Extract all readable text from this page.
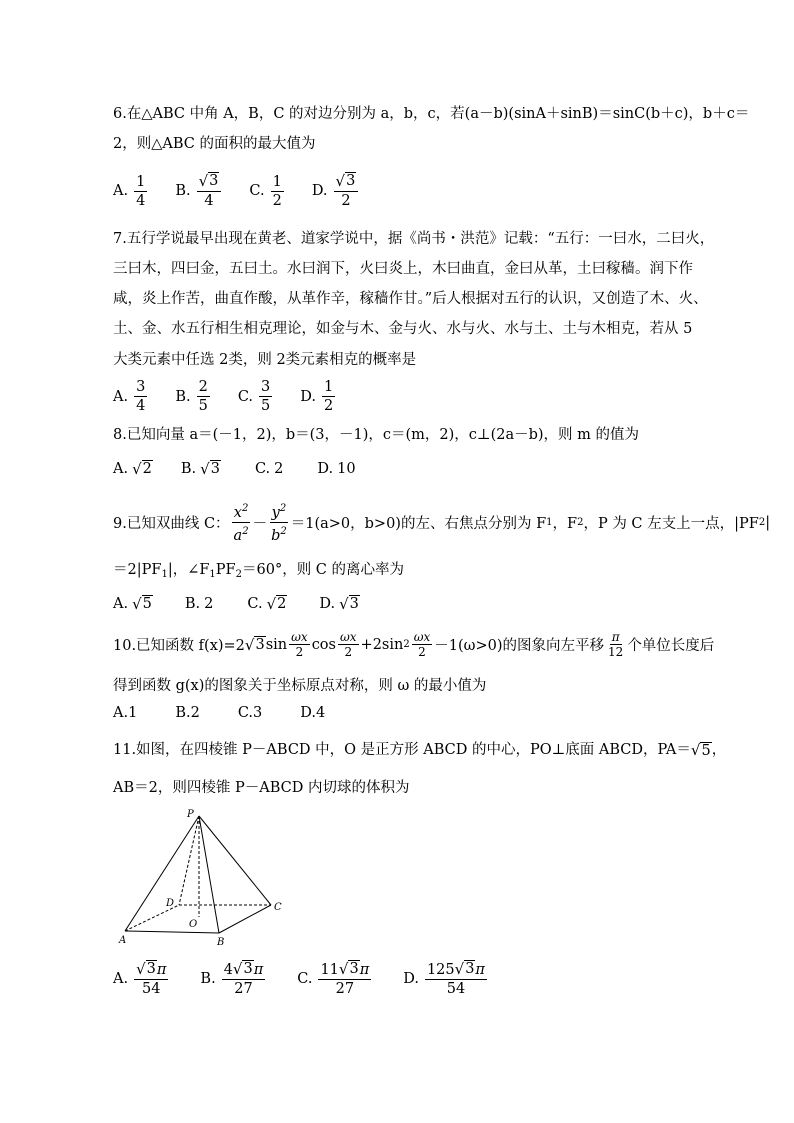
6.在△ABC 中角 A，B，C 的对边分别为 a，b，c，若(a－b)(sinA＋sinB)＝sinC(b＋c)，b＋c＝
2，则△ABC 的面积的最大值为
A. $\frac{1}{4} B$. $\frac{√ 3}{4} C$. $\frac{1}{2} D$. $\frac{√ 3}{2}$
7.五行学说最早出现在黄老、道家学说中，据《尚书・洪范》记载：“五行：一曰水，二曰火，
三曰木，四曰金，五曰土。水曰润下，火曰炎上，木曰曲直，金曰从革，土曰稼穑。润下作
咸，炎上作苦，曲直作酸，从革作辛，稼穑作甘。”后人根据对五行的认识，又创造了木、火、
土、金、水五行相生相克理论，如金与木、金与火、水与火、水与土、土与木相克，若从 5
大类元素中任选 2类，则 2类元素相克的概率是
A. $\frac{3}{4} B$. $\frac{2}{5} C$. $\frac{3}{5} D$. $\frac{1}{2}$
8.已知向量 a＝(－1，2)，b＝(3，－1)，c＝(m，2)，c⊥(2a－b)，则 m 的值为
A. √ 2 B. √ 3 C. 2 D. 10
9.已知双曲线 C： $\frac{x^2}{a^2} - \frac{y^2}{b^2} =1(a>0$，b>0)的左、右焦点分别为 F 1 ，F 2 ，P 为 C 左支上一点，|PF 2 |
$=2|PF_1|$，$\angle F_1PF_2=60^\circ$，则 C 的离心率为
A. √ 5 B. 2 C. √ 2 D. √ 3
10.已知函数 f(x)=2 √ 3 $\sin \frac{\omega x}{2}$ $\cos \frac{\omega x}{2} +2\sin$ $2 \frac{\omega x}{2} -1(\omega>0)$的图象向左平移 $\frac{\pi}{12}$ 个单位长度后
得到函数 g(x)的图象关于坐标原点对称，则 ω 的最小值为
A.1	B.2	C.3	D.4
11.如图，在四棱锥 P－ABCD 中，O 是正方形 ABCD 的中心，PO⊥底面 ABCD，PA＝ √ 5 ，
AB＝2，则四棱锥 P－ABCD 内切球的体积为
P
A	B
C
D
O
A. $\frac{√ 3 \pi}{54} B$. $\frac{4 √ 3 \pi}{27} C$. $\frac{11 √ 3 \pi}{27} D$. $\frac{125 √ 3 \pi}{54}$
